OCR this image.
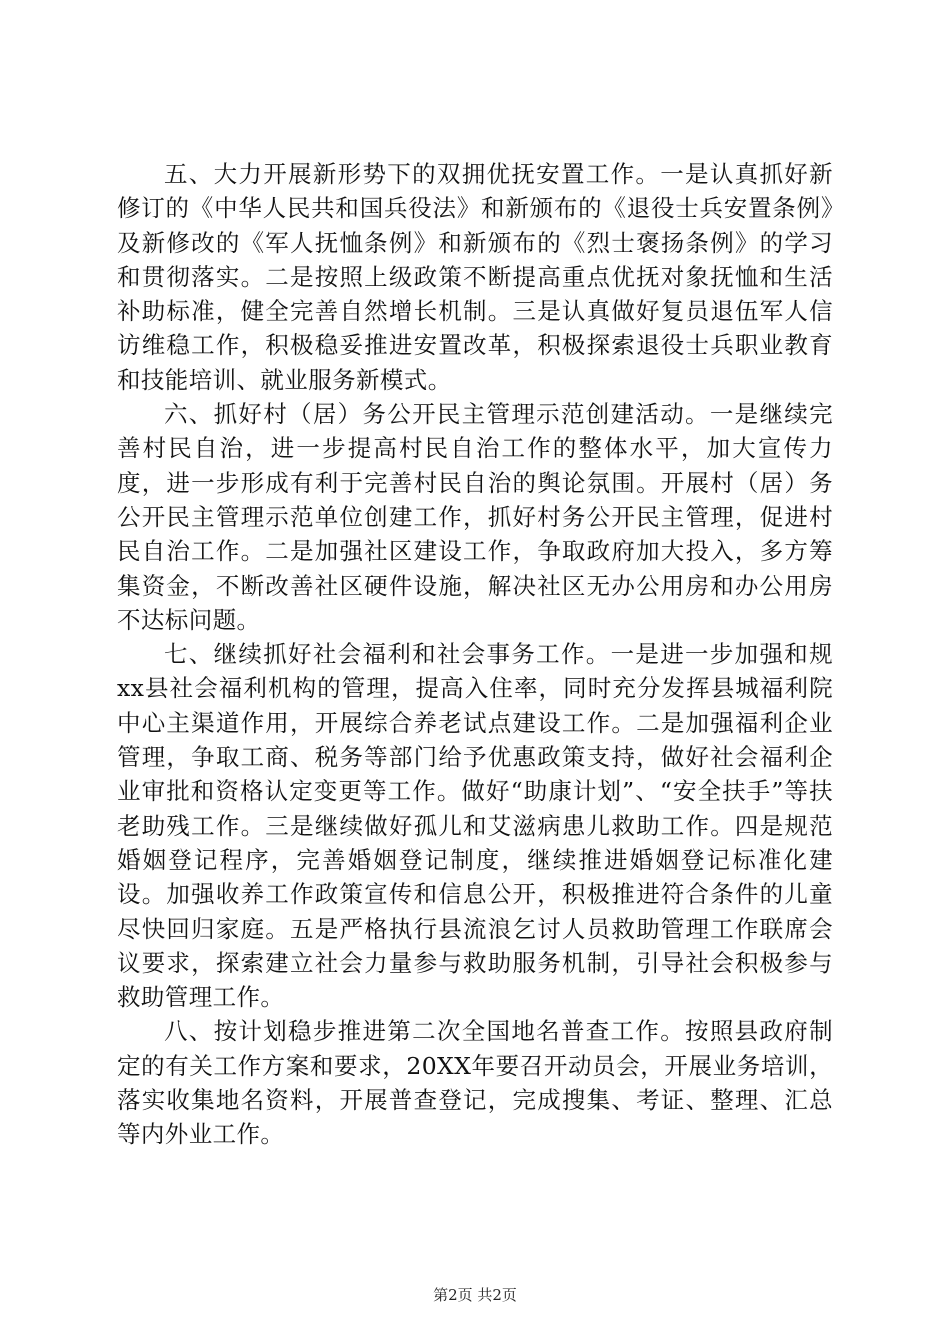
五、大力开展新形势下的双拥优抚安置工作。一是认真抓好新修订的《中华人民共和国兵役法》和新颁布的《退役士兵安置条例》及新修改的《军人抚恤条例》和新颁布的《烈士褒扬条例》的学习和贯彻落实。二是按照上级政策不断提高重点优抚对象抚恤和生活补助标准，健全完善自然增长机制。三是认真做好复员退伍军人信访维稳工作，积极稳妥推进安置改革，积极探索退役士兵职业教育和技能培训、就业服务新模式。

六、抓好村（居）务公开民主管理示范创建活动。一是继续完善村民自治，进一步提高村民自治工作的整体水平，加大宣传力度，进一步形成有利于完善村民自治的舆论氛围。开展村（居）务公开民主管理示范单位创建工作，抓好村务公开民主管理，促进村民自治工作。二是加强社区建设工作，争取政府加大投入，多方筹集资金，不断改善社区硬件设施，解决社区无办公用房和办公用房不达标问题。

七、继续抓好社会福利和社会事务工作。一是进一步加强和规xx县社会福利机构的管理，提高入住率，同时充分发挥县城福利院中心主渠道作用，开展综合养老试点建设工作。二是加强福利企业管理，争取工商、税务等部门给予优惠政策支持，做好社会福利企业审批和资格认定变更等工作。做好“助康计划”、“安全扶手”等扶老助残工作。三是继续做好孤儿和艾滋病患儿救助工作。四是规范婚姻登记程序，完善婚姻登记制度，继续推进婚姻登记标准化建设。加强收养工作政策宣传和信息公开，积极推进符合条件的儿童尽快回归家庭。五是严格执行县流浪乞讨人员救助管理工作联席会议要求，探索建立社会力量参与救助服务机制，引导社会积极参与救助管理工作。

八、按计划稳步推进第二次全国地名普查工作。按照县政府制定的有关工作方案和要求，20XX年要召开动员会，开展业务培训，落实收集地名资料，开展普查登记，完成搜集、考证、整理、汇总等内外业工作。

第2页 共2页
